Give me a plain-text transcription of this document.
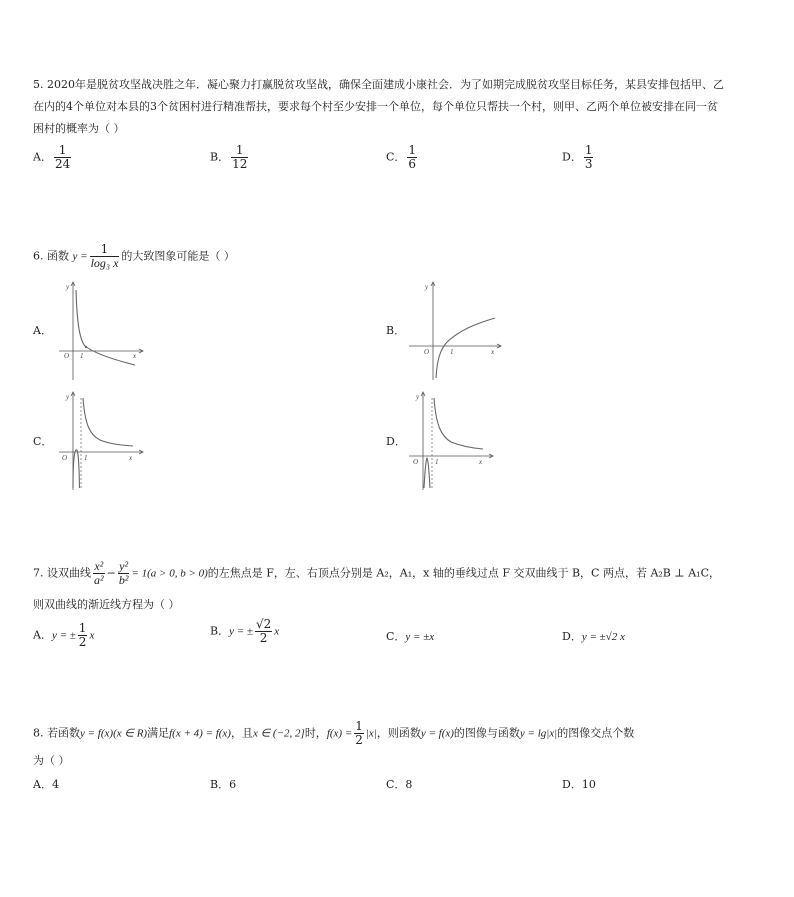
5. 2020年是脱贫攻坚战决胜之年．凝心聚力打赢脱贫攻坚战，确保全面建成小康社会．为了如期完成脱贫攻坚目标任务，某县安排包括甲、乙
在内的4个单位对本县的3个贫困村进行精准帮扶，要求每个村至少安排一个单位，每个单位只帮扶一个村，则甲、乙两个单位被安排在同一贫
困村的概率为（ ）
A． $\frac{1}{24}$	B． $\frac{1}{12}$	C． $\frac{1}{6}$	D． $\frac{1}{3}$
6. 函数 $y = \frac{1}{\text{log₃ x}}$ 的大致图象可能是（ ）
A．
y
O 1	x
B．
y
O	1	x
C．
y
O 1	x
D．
y
O 1	x
7. 设双曲线 $\frac{\text{x²}}{\text{a²}} - \frac{\text{y²}}{\text{b²}} = 1(a > 0$, b > 0)的左焦点是 F，左、右顶点分别是 A₂，A₁，x 轴的垂线过点 F 交双曲线于 B，C 两点，若 A₂B ⊥ A₁C，
则双曲线的渐近线方程为（ ）
A．y = ± $\frac{1}{2}$ x	B．y = ± $\frac{√2}{2}$ x	C．y = ±x	D．y = ±√2 x
8. 若函数y = f(x)(x ∈ R)满足f(x + 4) = f(x)，且x ∈ (−2, 2]时，$f(x) = \frac{1}{2} |x|$，则函数y = f(x)的图像与函数y = lg|x|的图像交点个数
为（ ）
A．4	B．6	C．8	D．10
